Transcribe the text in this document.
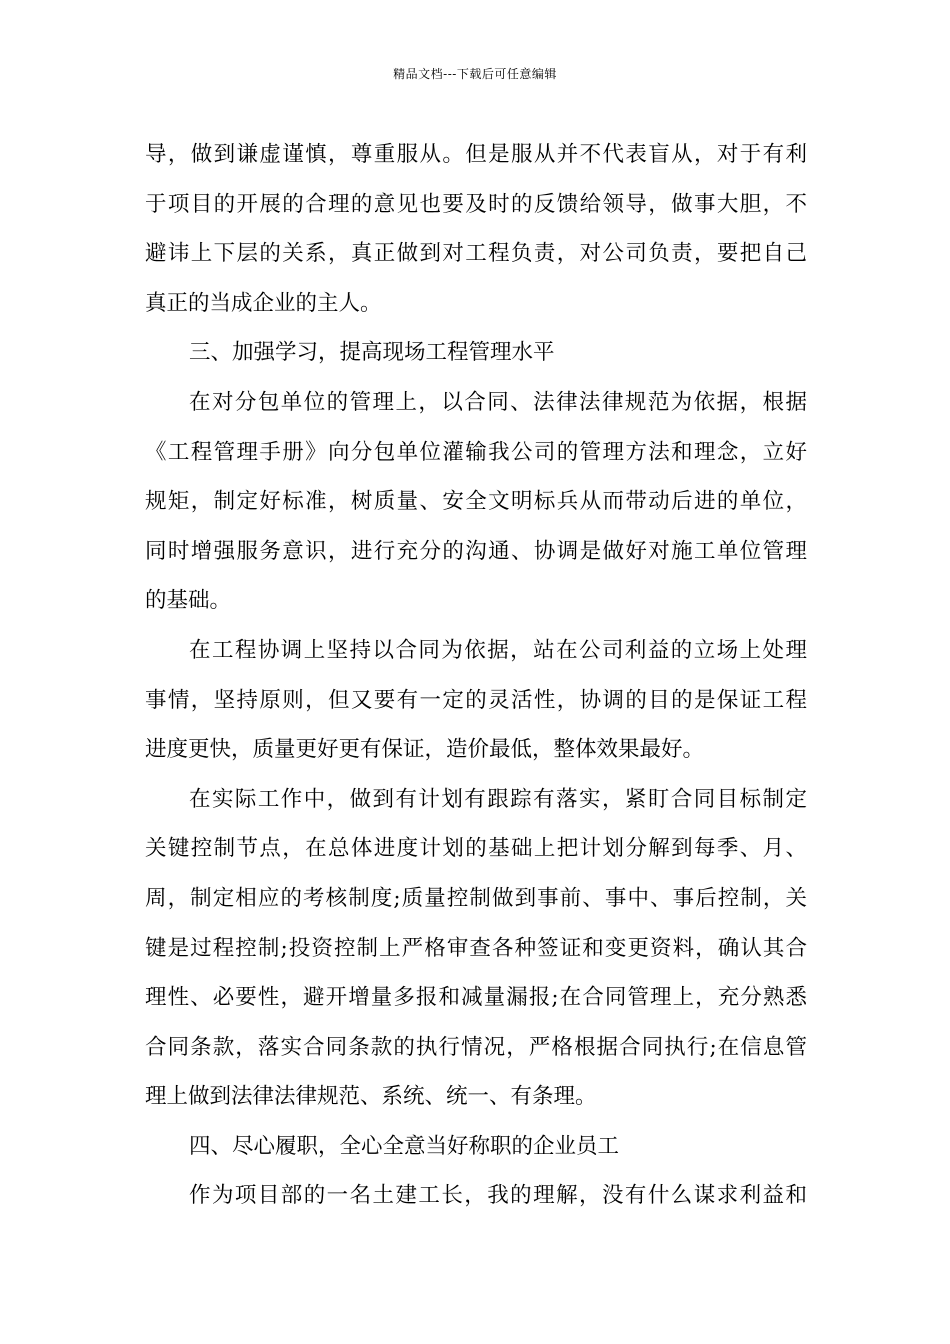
精品文档---下载后可任意编辑
导，做到谦虚谨慎，尊重服从。但是服从并不代表盲从，对于有利
于项目的开展的合理的意见也要及时的反馈给领导，做事大胆，不
避讳上下层的关系，真正做到对工程负责，对公司负责，要把自己
真正的当成企业的主人。
三、加强学习，提高现场工程管理水平
在对分包单位的管理上，以合同、法律法律规范为依据，根据
《工程管理手册》向分包单位灌输我公司的管理方法和理念，立好
规矩，制定好标准，树质量、安全文明标兵从而带动后进的单位，
同时增强服务意识，进行充分的沟通、协调是做好对施工单位管理
的基础。
在工程协调上坚持以合同为依据，站在公司利益的立场上处理
事情，坚持原则，但又要有一定的灵活性，协调的目的是保证工程
进度更快，质量更好更有保证，造价最低，整体效果最好。
在实际工作中，做到有计划有跟踪有落实，紧盯合同目标制定
关键控制节点，在总体进度计划的基础上把计划分解到每季、月、
周，制定相应的考核制度;质量控制做到事前、事中、事后控制，关
键是过程控制;投资控制上严格审查各种签证和变更资料，确认其合
理性、必要性，避开增量多报和减量漏报;在合同管理上，充分熟悉
合同条款，落实合同条款的执行情况，严格根据合同执行;在信息管
理上做到法律法律规范、系统、统一、有条理。
四、尽心履职，全心全意当好称职的企业员工
作为项目部的一名土建工长，我的理解，没有什么谋求利益和
